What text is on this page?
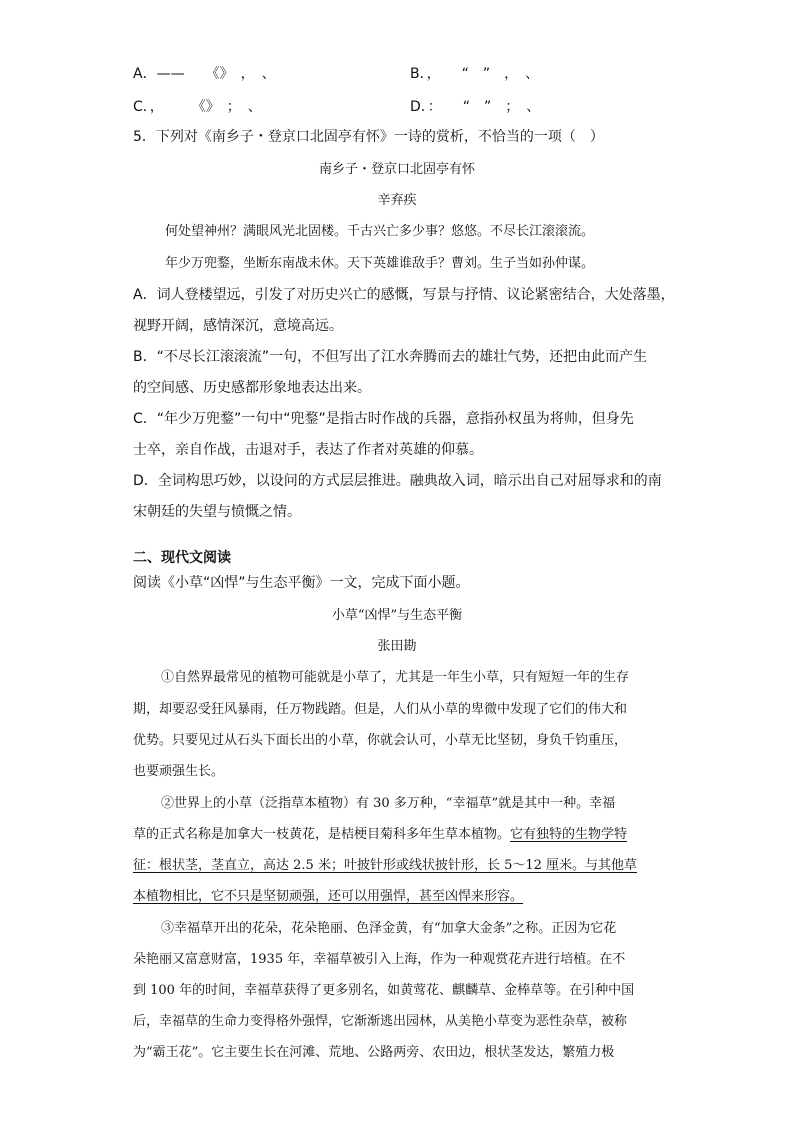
A．——　　《》　，　、	B．，　　“　”　，　、
C．，　　　《》　；　、	D．：　　“　”　；　、
5．下列对《南乡子・登京口北固亭有怀》一诗的赏析，不恰当的一项（　）
南乡子・登京口北固亭有怀
辛弃疾
何处望神州？满眼风光北固楼。千古兴亡多少事？悠悠。不尽长江滚滚流。
年少万兜鍪，坐断东南战未休。天下英雄谁敌手？曹刘。生子当如孙仲谋。
A．词人登楼望远，引发了对历史兴亡的感慨，写景与抒情、议论紧密结合，大处落墨，
视野开阔，感情深沉，意境高远。
B．“不尽长江滚滚流”一句，不但写出了江水奔腾而去的雄壮气势，还把由此而产生
的空间感、历史感都形象地表达出来。
C．“年少万兜鍪”一句中“兜鍪”是指古时作战的兵器，意指孙权虽为将帅，但身先
士卒，亲自作战，击退对手，表达了作者对英雄的仰慕。
D．全词构思巧妙，以设问的方式层层推进。融典故入词，暗示出自己对屈辱求和的南
宋朝廷的失望与愤慨之情。
二、现代文阅读
阅读《小草“凶悍”与生态平衡》一文，完成下面小题。
小草“凶悍”与生态平衡
张田勘
①自然界最常见的植物可能就是小草了，尤其是一年生小草，只有短短一年的生存
期，却要忍受狂风暴雨，任万物践踏。但是，人们从小草的卑微中发现了它们的伟大和
优势。只要见过从石头下面长出的小草，你就会认可，小草无比坚韧，身负千钧重压，
也要顽强生长。
②世界上的小草（泛指草本植物）有 30 多万种，“幸福草”就是其中一种。幸福
草的正式名称是加拿大一枝黄花，是桔梗目菊科多年生草本植物。它有独特的生物学特
征：根状茎，茎直立，高达 2.5 米；叶披针形或线状披针形，长 5～12 厘米。与其他草
本植物相比，它不只是坚韧顽强，还可以用强悍，甚至凶悍来形容。
③幸福草开出的花朵，花朵艳丽、色泽金黄，有“加拿大金条”之称。正因为它花
朵艳丽又富意财富，1935 年，幸福草被引入上海，作为一种观赏花卉进行培植。在不
到 100 年的时间，幸福草获得了更多别名，如黄莺花、麒麟草、金棒草等。在引种中国
后，幸福草的生命力变得格外强悍，它渐渐逃出园林，从美艳小草变为恶性杂草，被称
为“霸王花”。它主要生长在河滩、荒地、公路两旁、农田边，根状茎发达，繁殖力极
